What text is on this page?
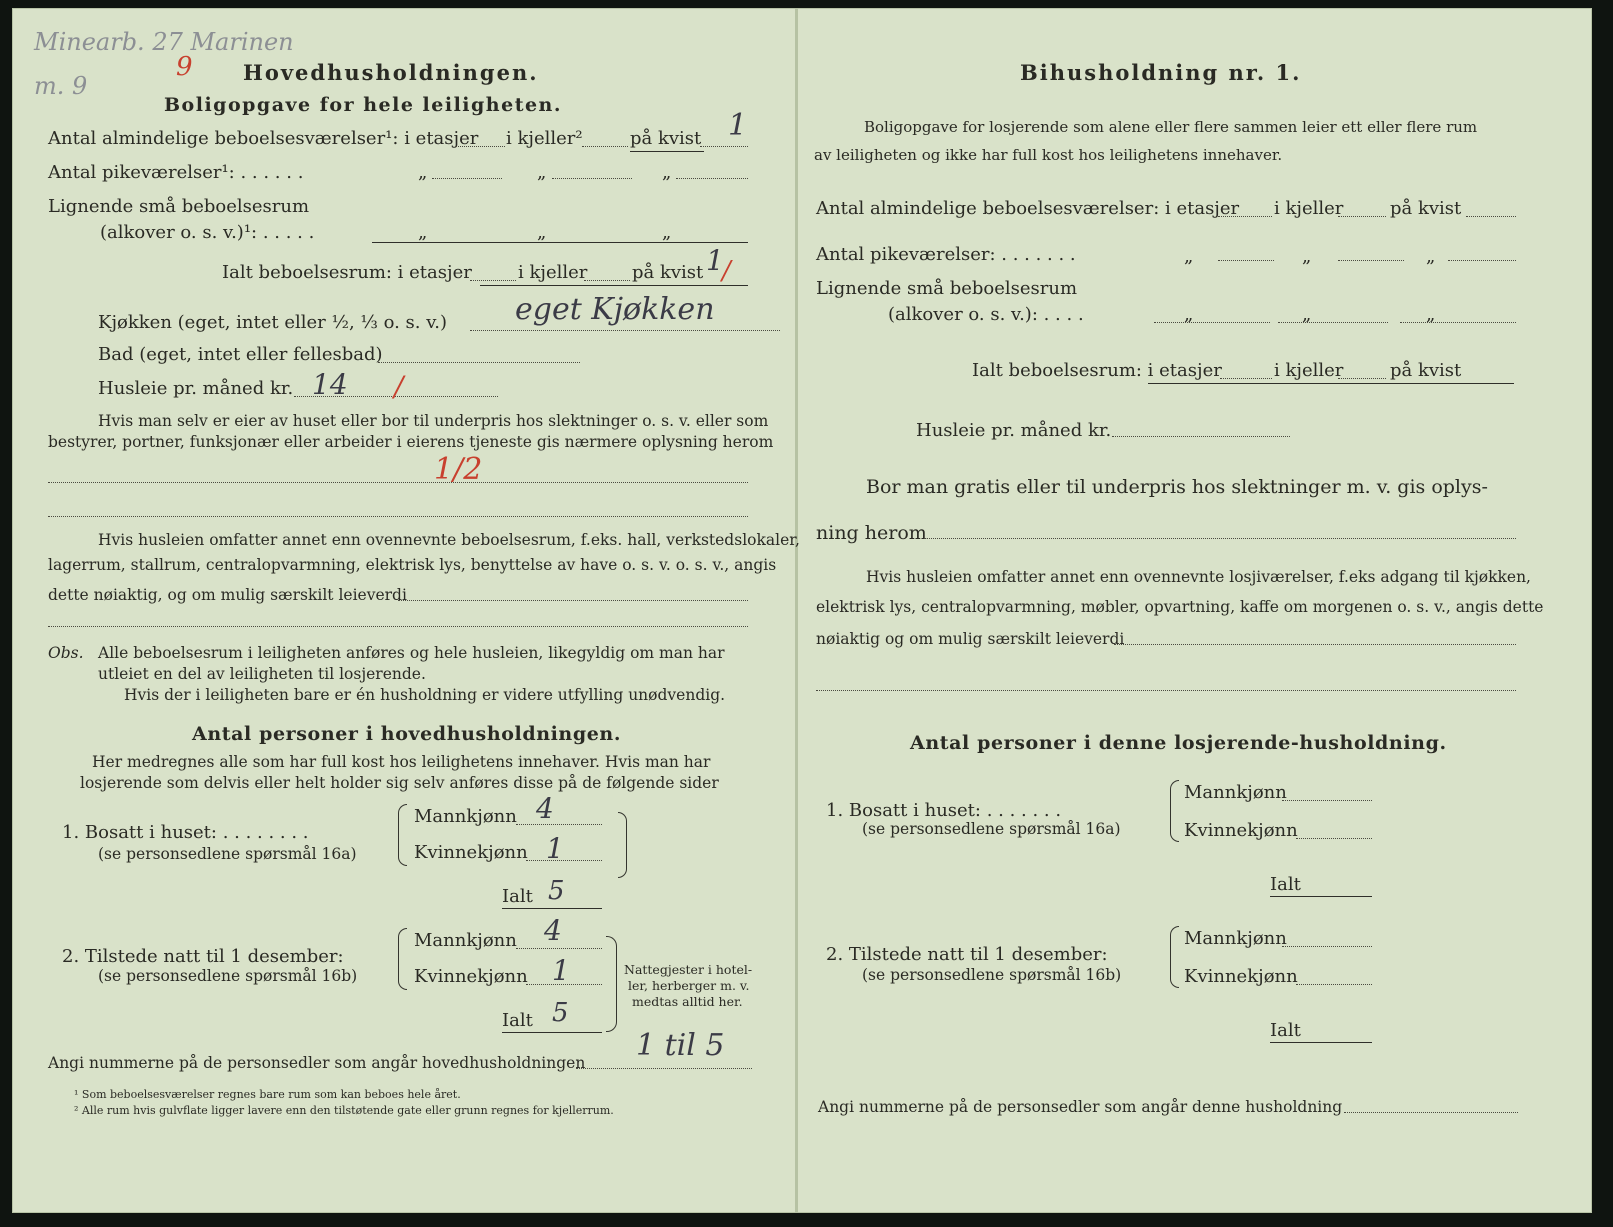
Minearb. 27 Marinen
m. 9
9 Hovedhusholdningen.
Boligopgave for hele leiligheten.
Antal almindelige beboelsesværelser¹: i etasjer i kjeller²	på kvist 1
Antal pikeværelser¹: . . . . . .	„	„	„
Lignende små beboelsesrum
(alkover o. s. v.)¹: . . . . .	„	„	„
Ialt beboelsesrum: i etasjer	i kjeller på kvist 1
/
Kjøkken (eget, intet eller ½, ⅓ o. s. v.) eget Kjøkken
Bad (eget, intet eller fellesbad)
Husleie pr. måned kr. 14 /
Hvis man selv er eier av huset eller bor til underpris hos slektninger o. s. v. eller som
bestyrer, portner, funksjonær eller arbeider i eierens tjeneste gis nærmere oplysning herom
1/2
Hvis husleien omfatter annet enn ovennevnte beboelsesrum, f.eks. hall, verkstedslokaler,
lagerrum, stallrum, centralopvarmning, elektrisk lys, benyttelse av have o. s. v. o. s. v., angis
dette nøiaktig, og om mulig særskilt leieverdi
Obs. Alle beboelsesrum i leiligheten anføres og hele husleien, likegyldig om man har
utleiet en del av leiligheten til losjerende.
Hvis der i leiligheten bare er én husholdning er videre utfylling unødvendig.
Antal personer i hovedhusholdningen.
Her medregnes alle som har full kost hos leilighetens innehaver. Hvis man har
losjerende som delvis eller helt holder sig selv anføres disse på de følgende sider
1. Bosatt i huset: . . . . . . . .
(se personsedlene spørsmål 16a)
Mannkjønn 4
Kvinnekjønn 1
Ialt 5
2. Tilstede natt til 1 desember:
(se personsedlene spørsmål 16b)
Mannkjønn 4
Kvinnekjønn 1	Nattegjester i hotel-
ler, herberger m. v.
medtas alltid her.
Ialt 5
Angi nummerne på de personsedler som angår hovedhusholdningen 1 til 5
¹ Som beboelsesværelser regnes bare rum som kan beboes hele året.
² Alle rum hvis gulvflate ligger lavere enn den tilstøtende gate eller grunn regnes for kjellerrum.
Bihusholdning nr. 1.
Boligopgave for losjerende som alene eller flere sammen leier ett eller flere rum
av leiligheten og ikke har full kost hos leilighetens innehaver.
Antal almindelige beboelsesværelser: i etasjer i kjeller	på kvist
Antal pikeværelser: . . . . . . .	„	„	„
Lignende små beboelsesrum
(alkover o. s. v.): . . . .	„	„	„
Ialt beboelsesrum: i etasjer	i kjeller	på kvist
Husleie pr. måned kr.
Bor man gratis eller til underpris hos slektninger m. v. gis oplys-
ning herom
Hvis husleien omfatter annet enn ovennevnte losjiværelser, f.eks adgang til kjøkken,
elektrisk lys, centralopvarmning, møbler, opvartning, kaffe om morgenen o. s. v., angis dette
nøiaktig og om mulig særskilt leieverdi
Antal personer i denne losjerende-husholdning.
1. Bosatt i huset: . . . . . . .
(se personsedlene spørsmål 16a)
Mannkjønn
Kvinnekjønn
Ialt
2. Tilstede natt til 1 desember:
(se personsedlene spørsmål 16b)
Mannkjønn
Kvinnekjønn
Ialt
Angi nummerne på de personsedler som angår denne husholdning
